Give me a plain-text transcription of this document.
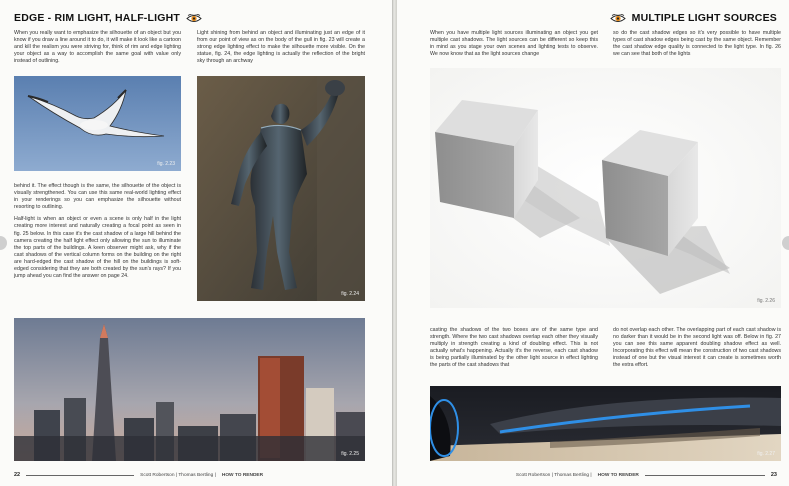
EDGE - RIM LIGHT, HALF-LIGHT

When you really want to emphasize the silhouette of an object but you know if you draw a line around it to do, it will make it look like a cartoon and kill the realism you were striving for, think of rim and edge lighting your object as a way to accomplish the same goal with value only instead of outlining.

fig. 2.23

behind it. The effect though is the same, the silhouette of the object is visually strengthened. You can use this same real-world lighting effect in your renderings so you can emphasize the silhouette without resorting to outlining.

Half-light is when an object or even a scene is only half in the light creating more interest and naturally creating a focal point as seen in fig. 25 below. In this case it's the cast shadow of a large hill behind the camera creating the half light effect only allowing the sun to illuminate the top parts of the buildings. A keen observer might ask, why if the cast shadows of the vertical column forms on the building on the right are hard-edged the cast shadow of the hill on the buildings is soft-edged considering that they are both created by the sun's rays? If you jump ahead you can find the answer on page 24.

Light shining from behind an object and illuminating just an edge of it from our point of view as on the body of the gull in fig. 23 will create a strong edge lighting effect to make the silhouette more visible. On the statue, fig. 24, the edge lighting is actually the reflection of the bright sky through an archway

fig. 2.24
fig. 2.25
22	Scott Robertson | Thomas Bertling | HOW TO RENDER
MULTIPLE LIGHT SOURCES

When you have multiple light sources illuminating an object you get multiple cast shadows. The light sources can be different so keep this in mind as you stage your own scenes and lighting tests to observe. We now know that as the light sources change

so do the cast shadow edges so it's very possible to have multiple types of cast shadow edges being cast by the same object. Remember the cast shadow edge quality is connected to the light type. In fig. 26 we can see that both of the lights

fig. 2.26

casting the shadows of the two boxes are of the same type and strength. Where the two cast shadows overlap each other they visually multiply in strength creating a kind of doubling effect. This is not actually what's happening. Actually it's the reverse, each cast shadow is being partially illuminated by the other light source in effect lighting the parts of the cast shadows that

do not overlap each other. The overlapping part of each cast shadow is no darker than it would be in the second light was off. Below in fig. 27 you can see this same apparent doubling shadow effect as well. Incorporating this effect will mean the construction of two cast shadows instead of one but the visual interest it can create is sometimes worth the extra effort.

fig. 2.27
Scott Robertson | Thomas Bertling | HOW TO RENDER	23
